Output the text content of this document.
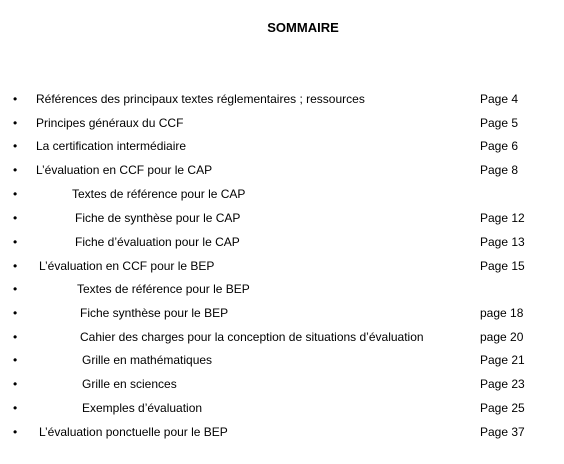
SOMMAIRE
• Références des principaux textes réglementaires ; ressources	Page 4
• Principes généraux du CCF	Page 5
• La certification intermédiaire	Page 6
• L’évaluation en CCF pour le CAP	Page 8
•	Textes de référence pour le CAP
•	Fiche de synthèse pour le CAP	Page 12
•	Fiche d’évaluation pour le CAP	Page 13
• L’évaluation en CCF pour le BEP	Page 15
•	Textes de référence pour le BEP
•	Fiche synthèse pour le BEP	page 18
•	Cahier des charges pour la conception de situations d’évaluation	page 20
•	Grille en mathématiques	Page 21
•	Grille en sciences	Page 23
•	Exemples d’évaluation	Page 25
• L’évaluation ponctuelle pour le BEP	Page 37
